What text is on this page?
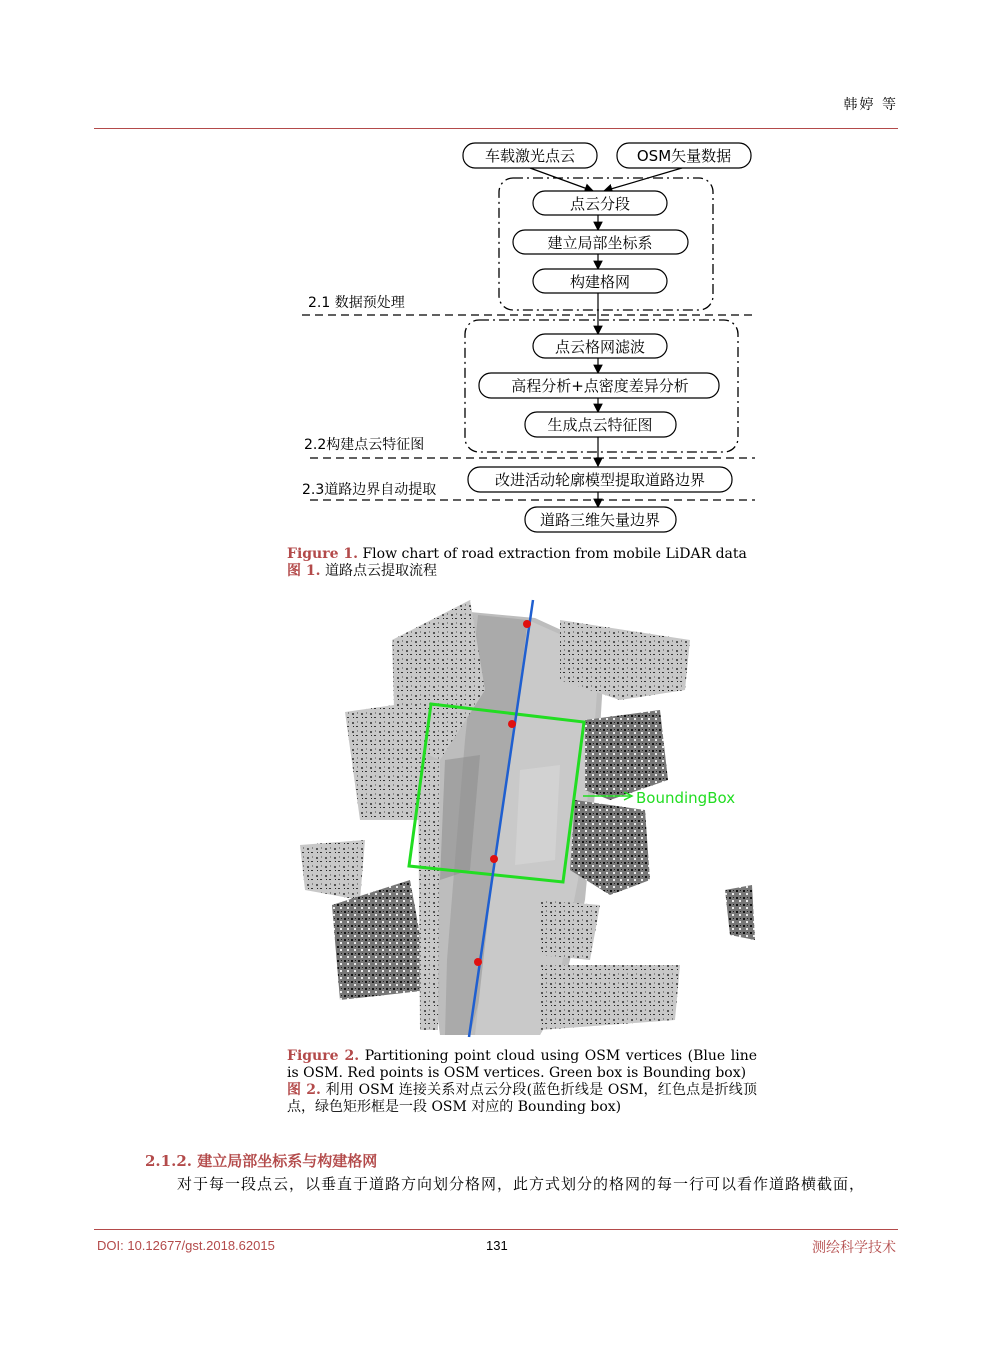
韩婷 等
车载激光点云	OSM矢量数据
点云分段
建立局部坐标系
构建格网
点云格网滤波
高程分析+点密度差异分析
生成点云特征图
改进活动轮廓模型提取道路边界
道路三维矢量边界
2.1 数据预处理
2.2构建点云特征图
2.3道路边界自动提取
Figure 1. Flow chart of road extraction from mobile LiDAR data
图 1. 道路点云提取流程
BoundingBox
Figure 2. Partitioning point cloud using OSM vertices (Blue line is OSM. Red points is OSM vertices. Green box is Bounding box)
图 2. 利用 OSM 连接关系对点云分段(蓝色折线是 OSM，红色点是折线顶点，绿色矩形框是一段 OSM 对应的 Bounding box)
2.1.2. 建立局部坐标系与构建格网
对于每一段点云，以垂直于道路方向划分格网，此方式划分的格网的每一行可以看作道路横截面，
DOI: 10.12677/gst.2018.62015	131	测绘科学技术
